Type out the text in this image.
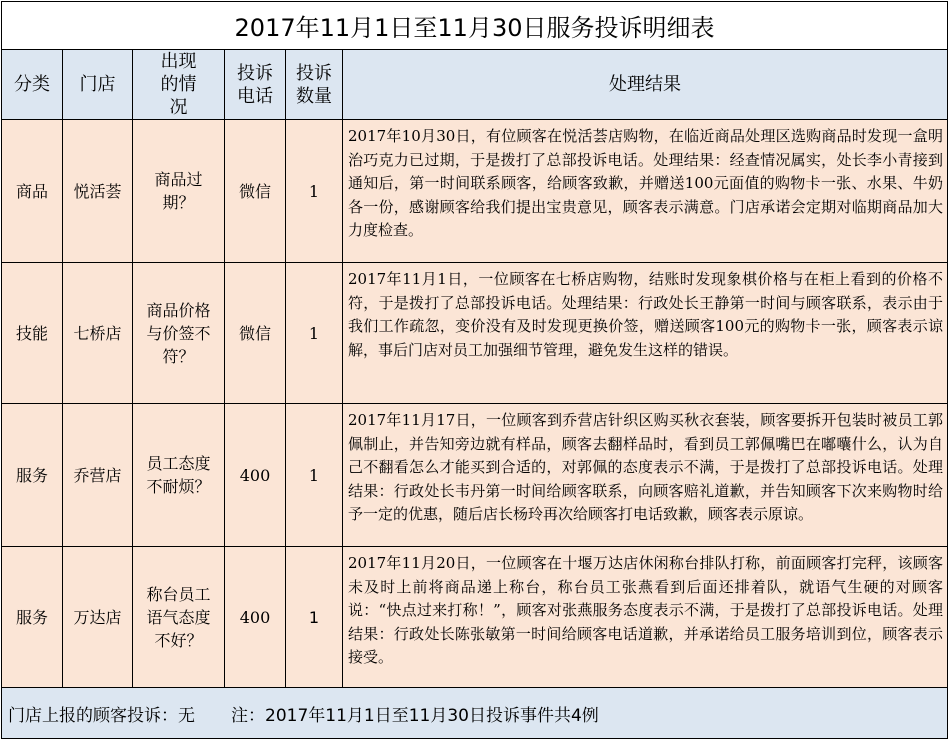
2017年11月1日至11月30日服务投诉明细表					
分类	门店	出现的情况	投诉电话	投诉数量	处理结果
商品	悦活荟	商品过期？	微信	1	2017年10月30日，有位顾客在悦活荟店购物，在临近商品处理区选购商品时发现一盒明治巧克力已过期，于是拨打了总部投诉电话。处理结果：经查情况属实，处长李小青接到通知后，第一时间联系顾客，给顾客致歉，并赠送100元面值的购物卡一张、水果、牛奶各一份，感谢顾客给我们提出宝贵意见，顾客表示满意。门店承诺会定期对临期商品加大力度检查。
技能	七桥店	商品价格与价签不符？	微信	1	2017年11月1日，一位顾客在七桥店购物，结账时发现象棋价格与在柜上看到的价格不符，于是拨打了总部投诉电话。处理结果：行政处长王静第一时间与顾客联系，表示由于我们工作疏忽，变价没有及时发现更换价签，赠送顾客100元的购物卡一张，顾客表示谅解，事后门店对员工加强细节管理，避免发生这样的错误。
服务	乔营店	员工态度不耐烦？	400	1	2017年11月17日，一位顾客到乔营店针织区购买秋衣套装，顾客要拆开包装时被员工郭佩制止，并告知旁边就有样品，顾客去翻样品时，看到员工郭佩嘴巴在嘟囔什么，认为自己不翻看怎么才能买到合适的，对郭佩的态度表示不满，于是拨打了总部投诉电话。处理结果：行政处长韦丹第一时间给顾客联系，向顾客赔礼道歉，并告知顾客下次来购物时给予一定的优惠，随后店长杨玲再次给顾客打电话致歉，顾客表示原谅。
服务	万达店	称台员工语气态度不好？	400	1	2017年11月20日，一位顾客在十堰万达店休闲称台排队打称，前面顾客打完秤，该顾客未及时上前将商品递上称台，称台员工张燕看到后面还排着队，就语气生硬的对顾客说：“快点过来打称！”，顾客对张燕服务态度表示不满，于是拨打了总部投诉电话。处理结果：行政处长陈张敏第一时间给顾客电话道歉，并承诺给员工服务培训到位，顾客表示接受。
门店上报的顾客投诉：无 注：2017年11月1日至11月30日投诉事件共4例					
